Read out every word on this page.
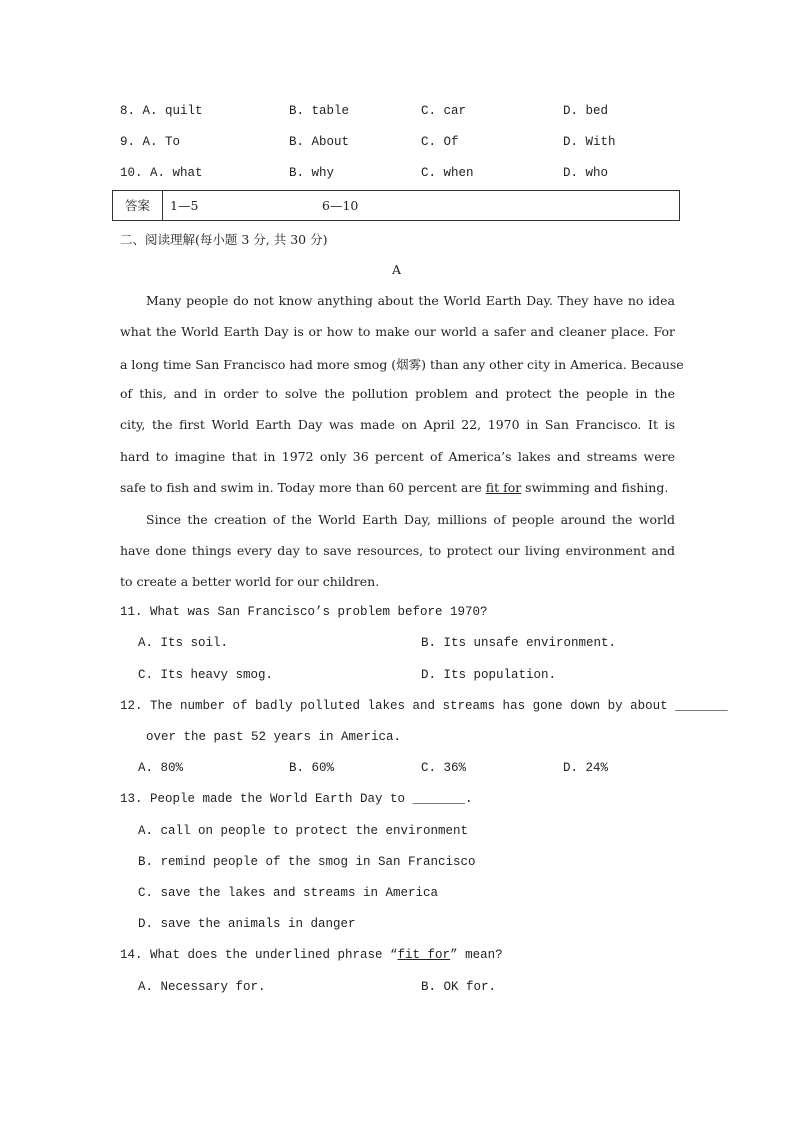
8. A. quilt	B. table	C. car	D. bed
9. A. To	B. About	C. Of	D. With
10. A. what	B. why	C. when	D. who
答案	1—5	6—10
二、阅读理解(每小题 3 分, 共 30 分)
A
Many people do not know anything about the World Earth Day. They have no idea
what the World Earth Day is or how to make our world a safer and cleaner place. For
a long time San Francisco had more smog (烟雾) than any other city in America. Because
of this, and in order to solve the pollution problem and protect the people in the
city, the first World Earth Day was made on April 22, 1970 in San Francisco. It is
hard to imagine that in 1972 only 36 percent of America’s lakes and streams were
safe to fish and swim in. Today more than 60 percent are fit for swimming and fishing.
Since the creation of the World Earth Day, millions of people around the world
have done things every day to save resources, to protect our living environment and
to create a better world for our children.
11. What was San Francisco’s problem before 1970?
A. Its soil.	B. Its unsafe environment.
C. Its heavy smog.	D. Its population.
12. The number of badly polluted lakes and streams has gone down by about _______
over the past 52 years in America.
A. 80%	B. 60%	C. 36%	D. 24%
13. People made the World Earth Day to _______.
A. call on people to protect the environment
B. remind people of the smog in San Francisco
C. save the lakes and streams in America
D. save the animals in danger
14. What does the underlined phrase “fit for” mean?
A. Necessary for.	B. OK for.
